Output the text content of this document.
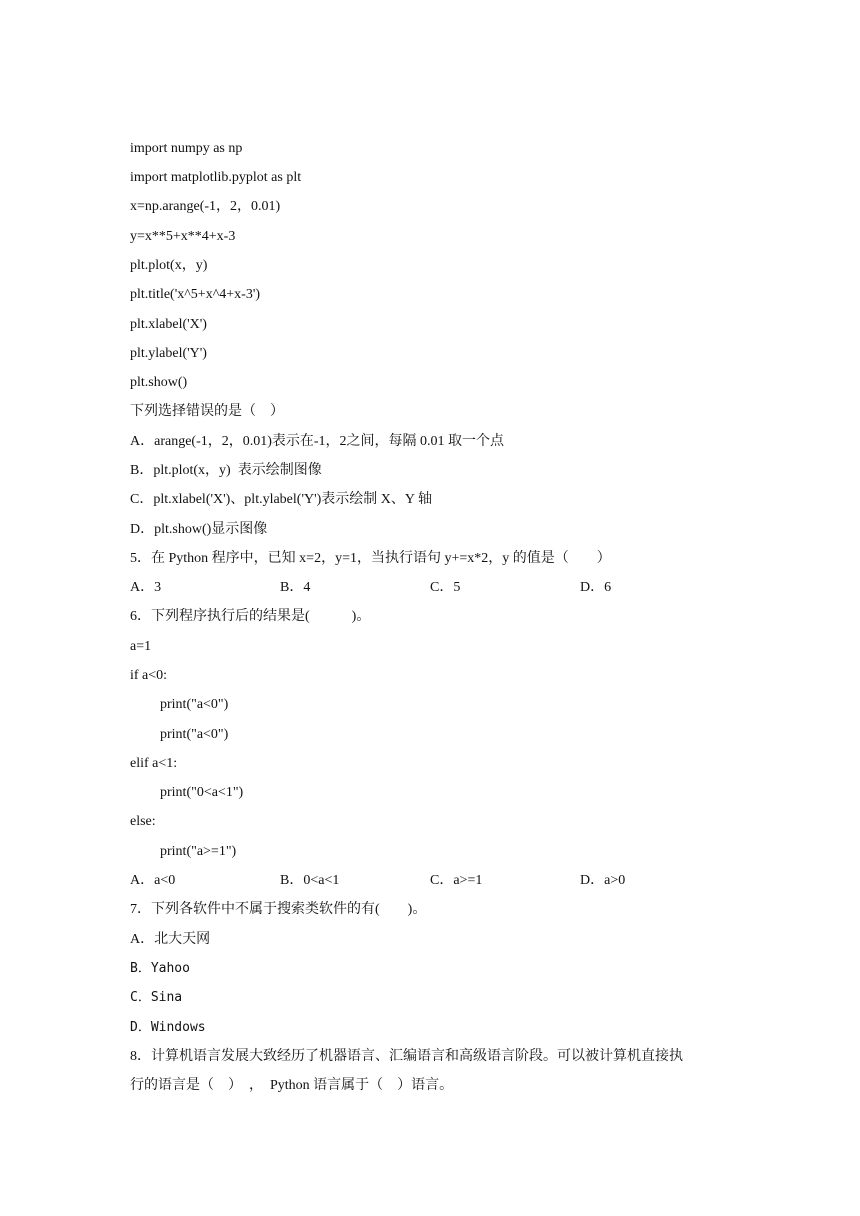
import numpy as np
import matplotlib.pyplot as plt
x=np.arange(-1，2，0.01)
y=x**5+x**4+x-3
plt.plot(x，y)
plt.title('x^5+x^4+x-3')
plt.xlabel('X')
plt.ylabel('Y')
plt.show()
下列选择错误的是（　）
A．arange(-1，2，0.01)表示在-1，2之间，每隔 0.01 取一个点
B．plt.plot(x，y)  表示绘制图像
C．plt.xlabel('X')、plt.ylabel('Y')表示绘制 X、Y 轴
D．plt.show()显示图像
5．在 Python 程序中，已知 x=2，y=1，当执行语句 y+=x*2，y 的值是（　　）
A．3	B．4	C．5	D．6
6．下列程序执行后的结果是(　　　)。
a=1
if a<0:
print("a<0")
print("a<0")
elif a<1:
print("0<a<1")
else:
print("a>=1")
A．a<0	B．0<a<1	C．a>=1	D．a>0
7．下列各软件中不属于搜索类软件的有(　　)。
A．北大天网
B．Yahoo
C．Sina
D．Windows
8．计算机语言发展大致经历了机器语言、汇编语言和高级语言阶段。可以被计算机直接执
行的语言是（　）　，　Python 语言属于（　）语言。
